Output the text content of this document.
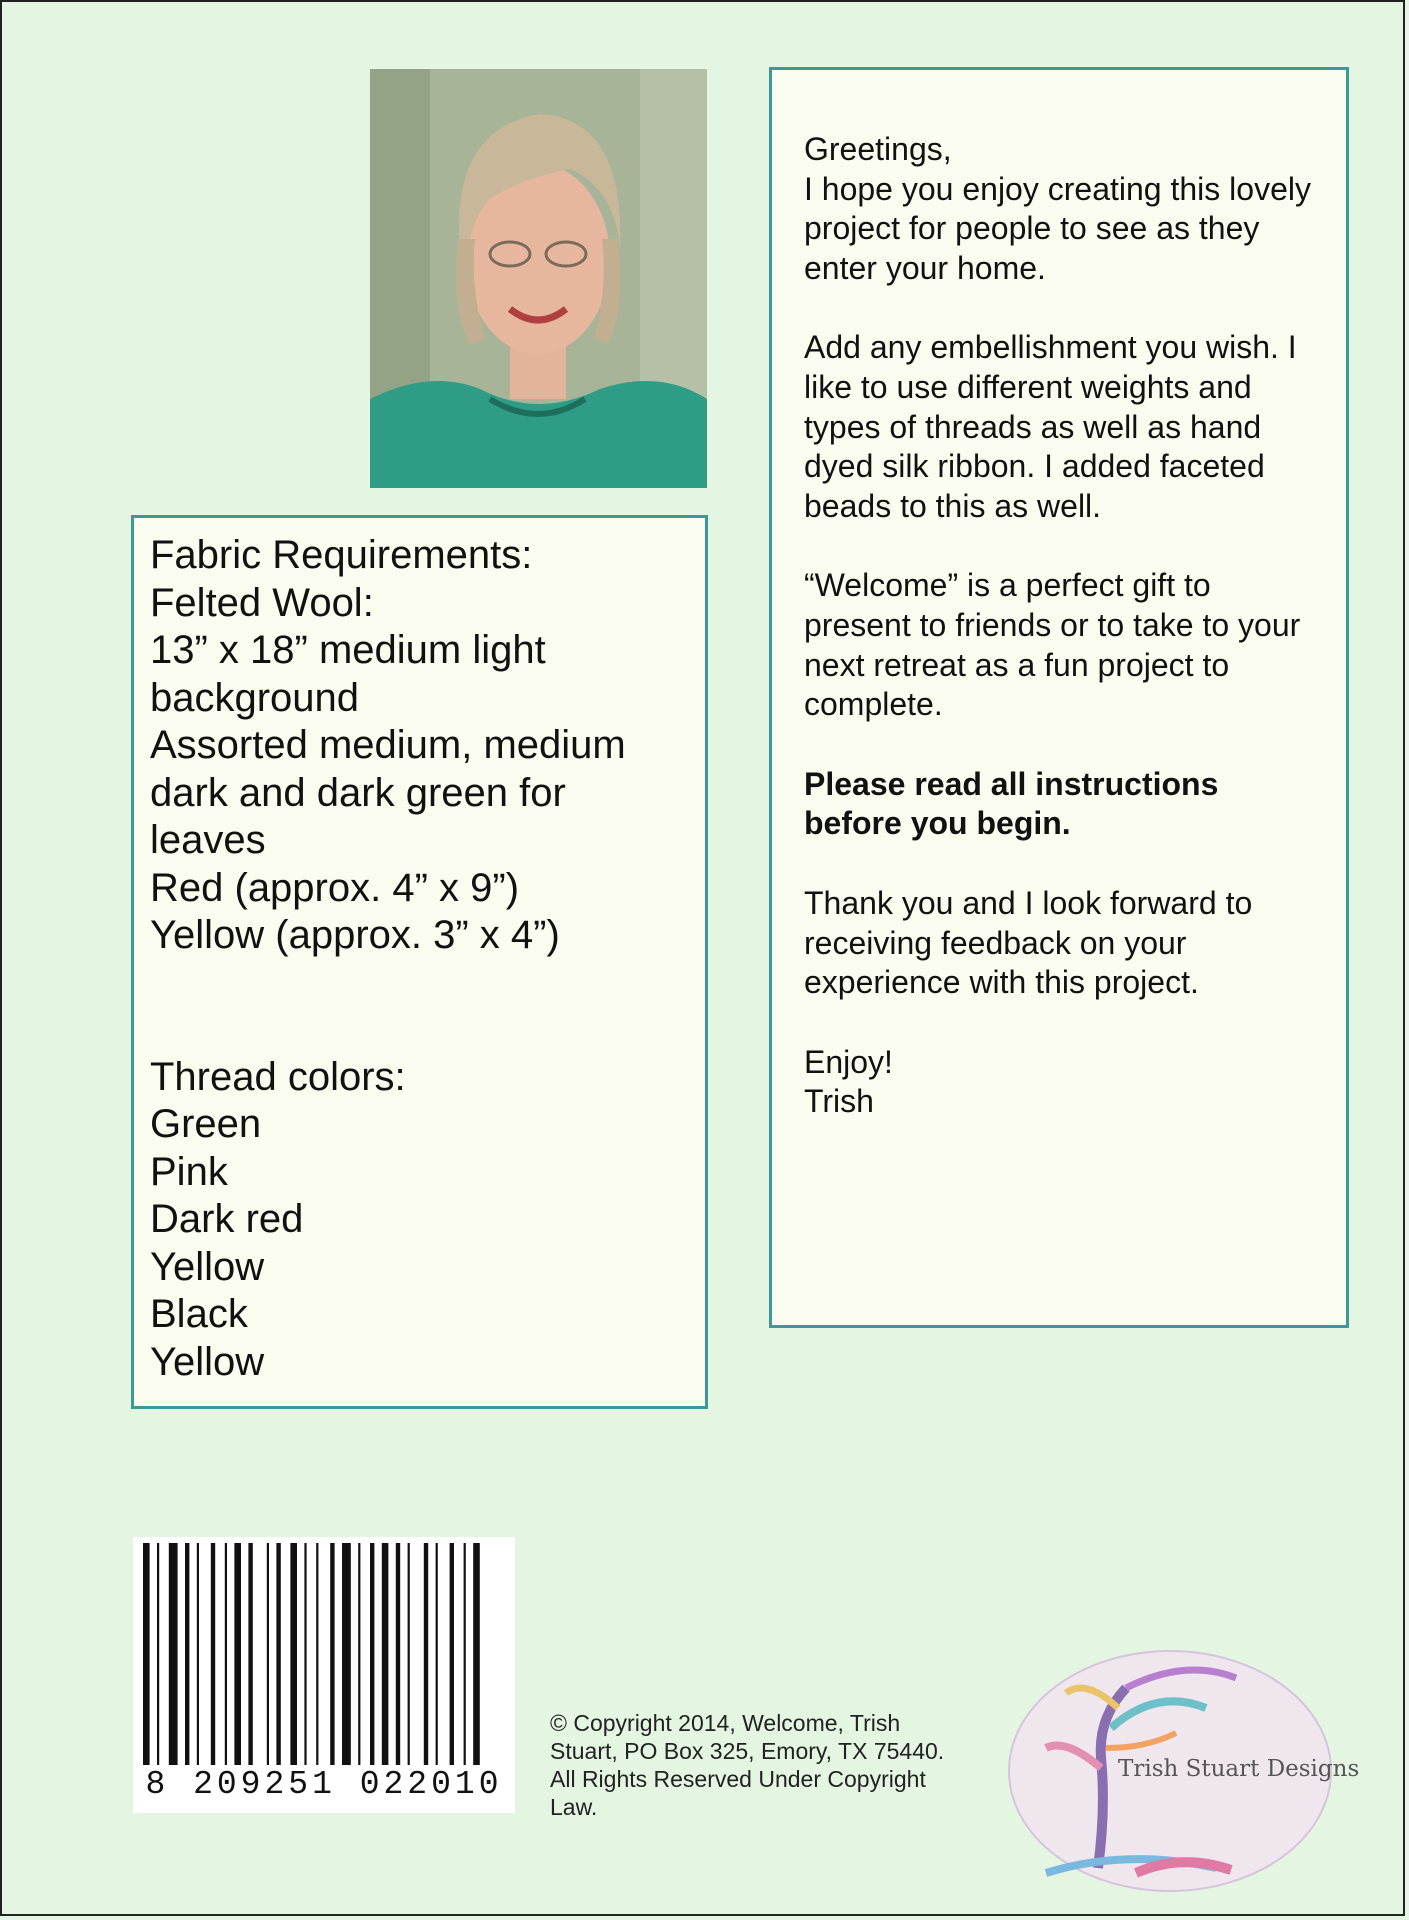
Fabric Requirements:

Felted Wool:

13” x 18” medium light

background

Assorted medium, medium

dark and dark green for

leaves

Red (approx. 4” x 9”)

Yellow (approx. 3” x 4”)

Thread colors:

Green

Pink

Dark red

Yellow

Black

Yellow

Greetings,

I hope you enjoy creating this lovely project for people to see as they enter your home.

Add any embellishment you wish. I like to use different weights and types of threads as well as hand dyed silk ribbon. I added faceted beads to this as well.

“Welcome” is a perfect gift to present to friends or to take to your next retreat as a fun project to complete.

Please read all instructions before you begin.

Thank you and I look forward to receiving feedback on your experience with this project.

Enjoy!

Trish

8 209251 022010
© Copyright 2014, Welcome, Trish Stuart, PO Box 325, Emory, TX 75440. All Rights Reserved Under Copyright Law.
Trish Stuart Designs
